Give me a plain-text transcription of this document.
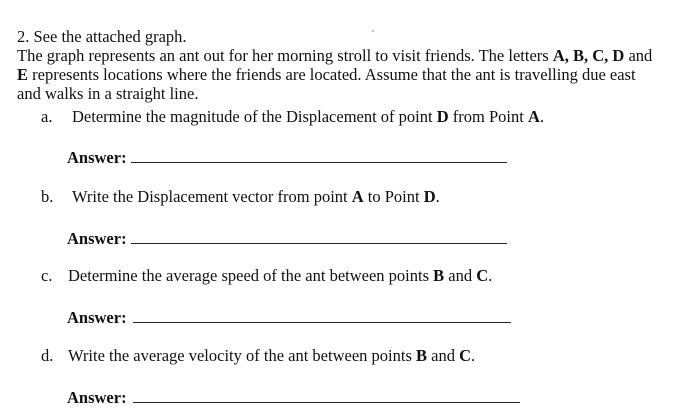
2. See the attached graph.
The graph represents an ant out for her morning stroll to visit friends. The letters A, B, C, D and
E represents locations where the friends are located. Assume that the ant is travelling due east
and walks in a straight line.
a. Determine the magnitude of the Displacement of point D from Point A.
Answer:
b. Write the Displacement vector from point A to Point D.
Answer:
c. Determine the average speed of the ant between points B and C.
Answer:
d. Write the average velocity of the ant between points B and C.
Answer:
